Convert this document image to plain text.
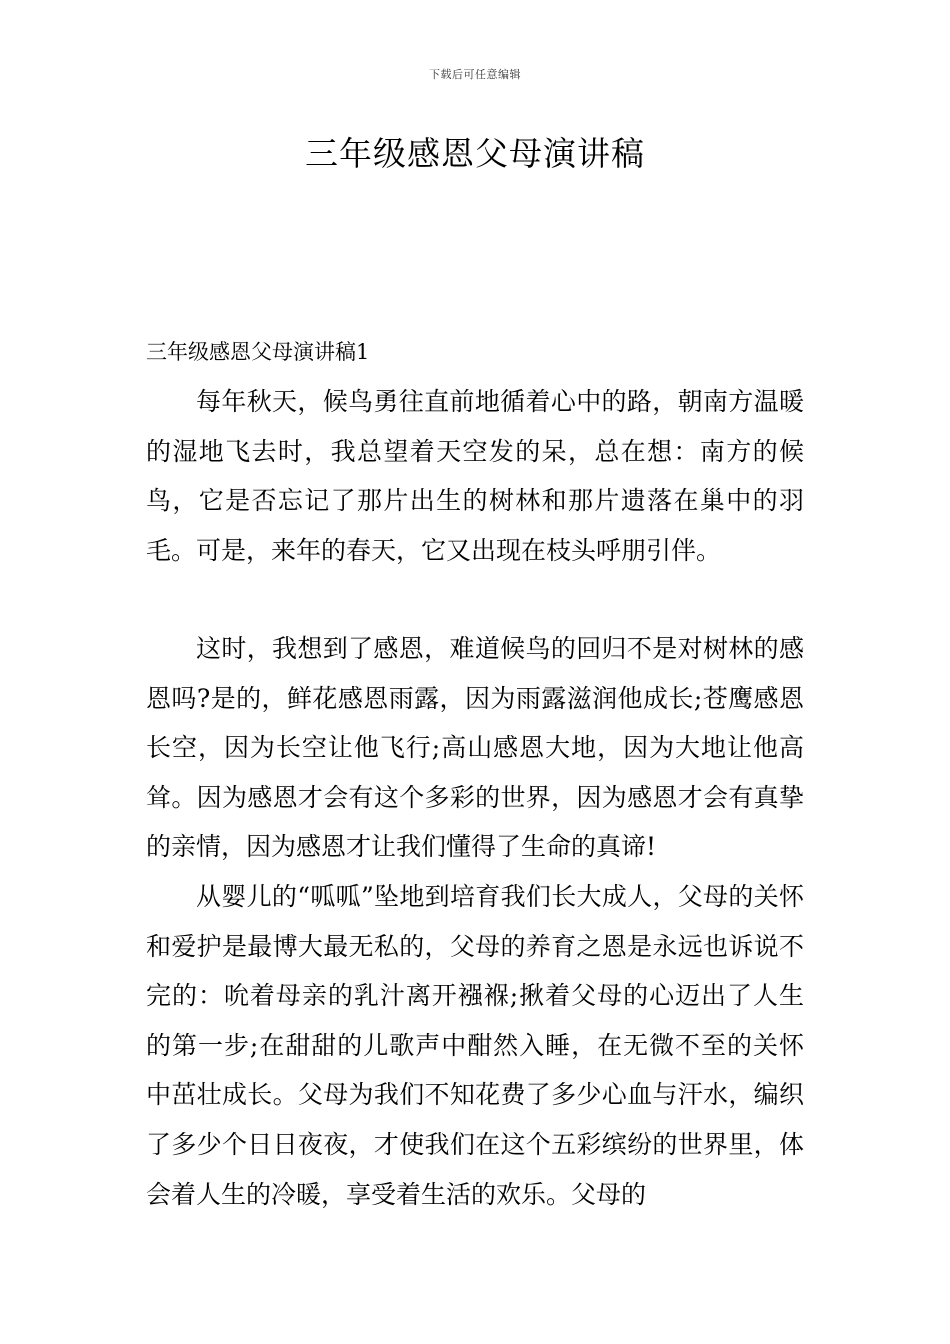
下载后可任意编辑
三年级感恩父母演讲稿
三年级感恩父母演讲稿1

每年秋天，候鸟勇往直前地循着心中的路，朝南方温暖的湿地飞去时，我总望着天空发的呆，总在想：南方的候鸟，它是否忘记了那片出生的树林和那片遗落在巢中的羽毛。可是，来年的春天，它又出现在枝头呼朋引伴。

这时，我想到了感恩，难道候鸟的回归不是对树林的感恩吗?是的，鲜花感恩雨露，因为雨露滋润他成长;苍鹰感恩长空，因为长空让他飞行;高山感恩大地，因为大地让他高耸。因为感恩才会有这个多彩的世界，因为感恩才会有真挚的亲情，因为感恩才让我们懂得了生命的真谛!

从婴儿的“呱呱”坠地到培育我们长大成人，父母的关怀和爱护是最博大最无私的，父母的养育之恩是永远也诉说不完的：吮着母亲的乳汁离开襁褓;揪着父母的心迈出了人生的第一步;在甜甜的儿歌声中酣然入睡，在无微不至的关怀中茁壮成长。父母为我们不知花费了多少心血与汗水，编织了多少个日日夜夜，才使我们在这个五彩缤纷的世界里，体会着人生的冷暖，享受着生活的欢乐。父母的
